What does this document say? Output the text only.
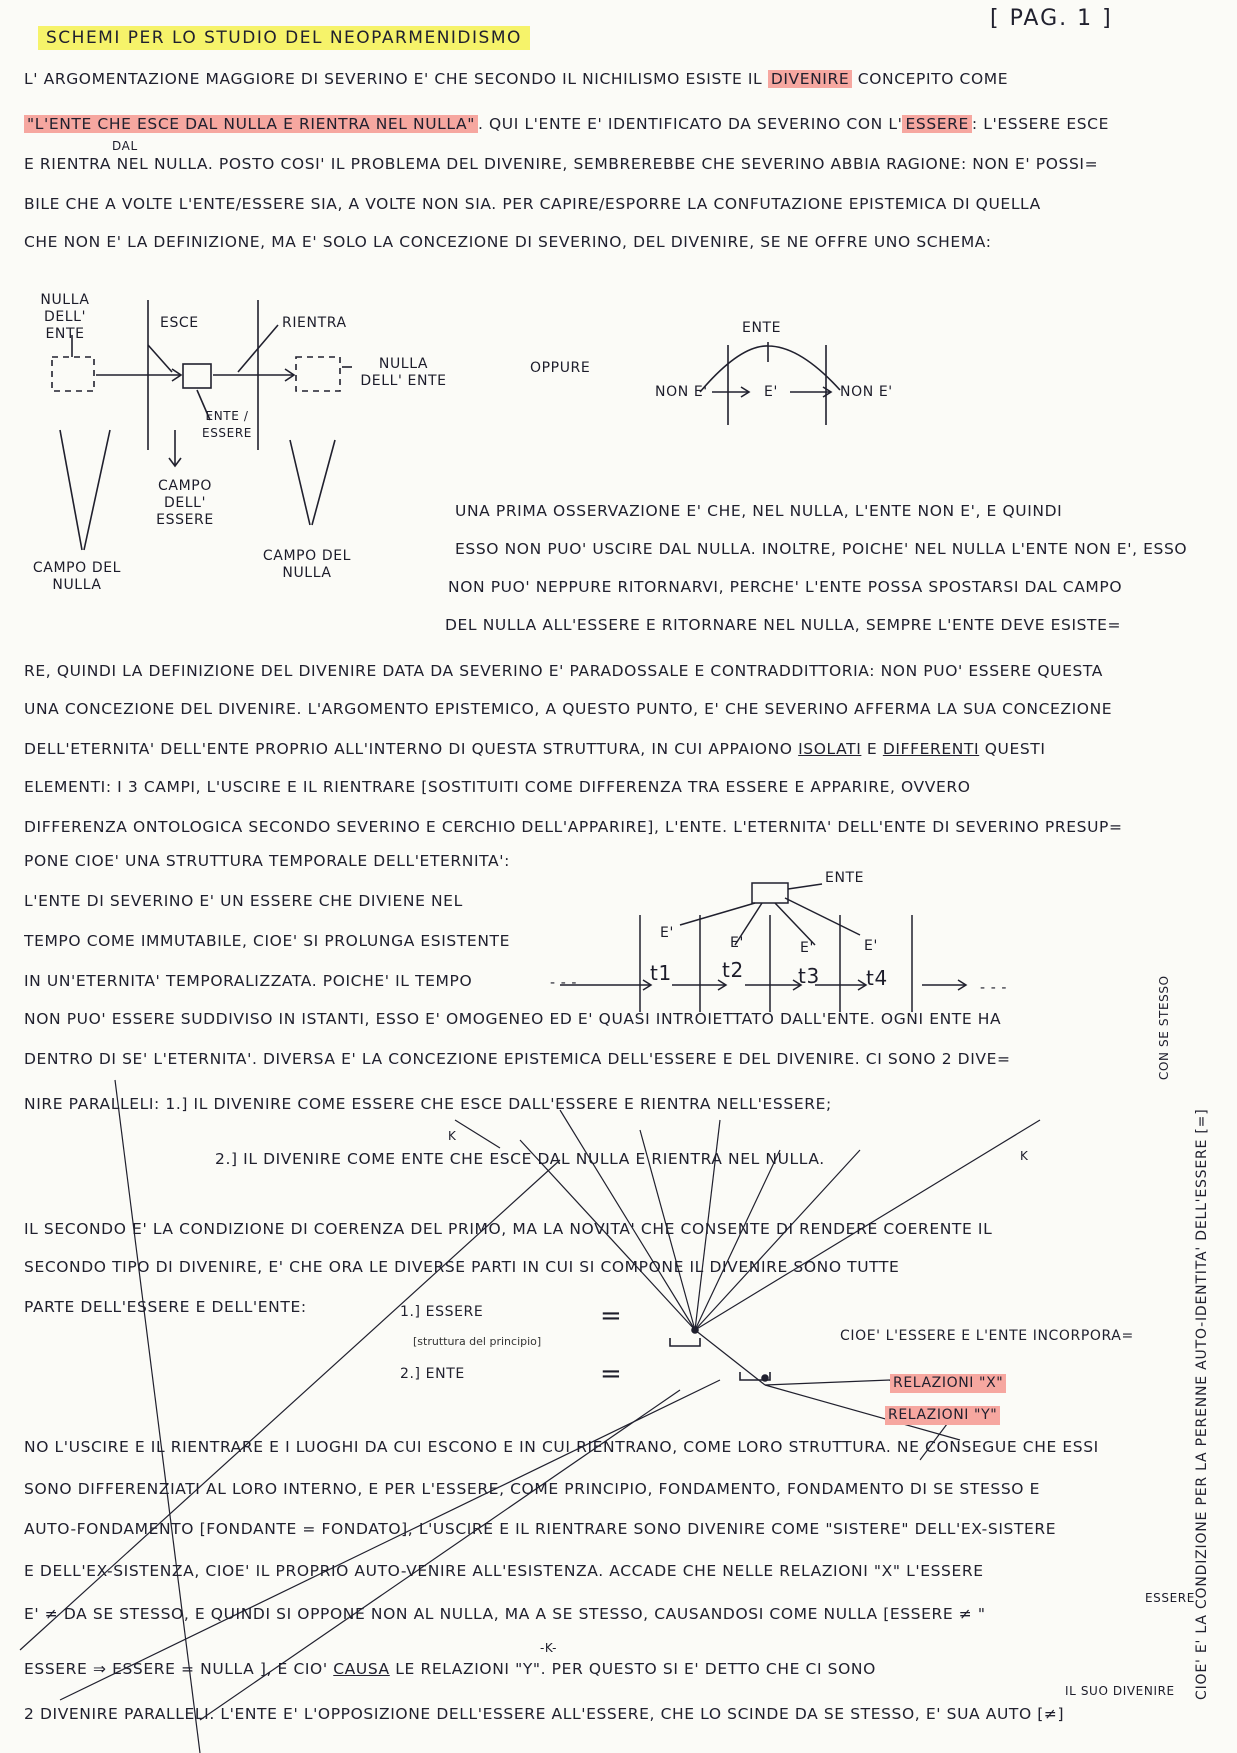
SCHEMI PER LO STUDIO DEL NEOPARMENIDISMO
[ PAG. 1 ]
L' ARGOMENTAZIONE MAGGIORE DI SEVERINO E' CHE SECONDO IL NICHILISMO ESISTE IL DIVENIRE CONCEPITO COME
"L'ENTE CHE ESCE DAL NULLA E RIENTRA NEL NULLA" . QUI L'ENTE E' IDENTIFICATO DA SEVERINO CON L' ESSERE : L'ESSERE ESCE
DAL
E RIENTRA NEL NULLA. POSTO COSI' IL PROBLEMA DEL DIVENIRE, SEMBREREBBE CHE SEVERINO ABBIA RAGIONE: NON E' POSSI=
BILE CHE A VOLTE L'ENTE/ESSERE SIA, A VOLTE NON SIA. PER CAPIRE/ESPORRE LA CONFUTAZIONE EPISTEMICA DI QUELLA
CHE NON E' LA DEFINIZIONE, MA E' SOLO LA CONCEZIONE DI SEVERINO, DEL DIVENIRE, SE NE OFFRE UNO SCHEMA:
NULLA DELL' ENTE
ESCE	RIENTRA
NULLA DELL' ENTE
ENTE / ESSERE
CAMPO DELL' ESSERE
CAMPO DEL NULLA
CAMPO DEL NULLA
OPPURE
ENTE
NON E'	E'	NON E'
UNA PRIMA OSSERVAZIONE E' CHE, NEL NULLA, L'ENTE NON E', E QUINDI
ESSO NON PUO' USCIRE DAL NULLA. INOLTRE, POICHE' NEL NULLA L'ENTE NON E', ESSO
NON PUO' NEPPURE RITORNARVI, PERCHE' L'ENTE POSSA SPOSTARSI DAL CAMPO
DEL NULLA ALL'ESSERE E RITORNARE NEL NULLA, SEMPRE L'ENTE DEVE ESISTE=
RE, QUINDI LA DEFINIZIONE DEL DIVENIRE DATA DA SEVERINO E' PARADOSSALE E CONTRADDITTORIA: NON PUO' ESSERE QUESTA
UNA CONCEZIONE DEL DIVENIRE. L'ARGOMENTO EPISTEMICO, A QUESTO PUNTO, E' CHE SEVERINO AFFERMA LA SUA CONCEZIONE
DELL'ETERNITA' DELL'ENTE PROPRIO ALL'INTERNO DI QUESTA STRUTTURA, IN CUI APPAIONO ISOLATI E DIFFERENTI QUESTI
ELEMENTI: I 3 CAMPI, L'USCIRE E IL RIENTRARE [SOSTITUITI COME DIFFERENZA TRA ESSERE E APPARIRE, OVVERO
DIFFERENZA ONTOLOGICA SECONDO SEVERINO E CERCHIO DELL'APPARIRE], L'ENTE. L'ETERNITA' DELL'ENTE DI SEVERINO PRESUP=
PONE CIOE' UNA STRUTTURA TEMPORALE DELL'ETERNITA':
L'ENTE DI SEVERINO E' UN ESSERE CHE DIVIENE NEL
TEMPO COME IMMUTABILE, CIOE' SI PROLUNGA ESISTENTE
IN UN'ETERNITA' TEMPORALIZZATA. POICHE' IL TEMPO
NON PUO' ESSERE SUDDIVISO IN ISTANTI, ESSO E' OMOGENEO ED E' QUASI INTROIETTATO DALL'ENTE. OGNI ENTE HA
DENTRO DI SE' L'ETERNITA'. DIVERSA E' LA CONCEZIONE EPISTEMICA DELL'ESSERE E DEL DIVENIRE. CI SONO 2 DIVE=
NIRE PARALLELI: 1.] IL DIVENIRE COME ESSERE CHE ESCE DALL'ESSERE E RIENTRA NELL'ESSERE;
2.] IL DIVENIRE COME ENTE CHE ESCE DAL NULLA E RIENTRA NEL NULLA.
K
K
ENTE
E'
E'	E'	E'
t1	t2	t3 t4
- - -	- - -
IL SECONDO E' LA CONDIZIONE DI COERENZA DEL PRIMO, MA LA NOVITA' CHE CONSENTE DI RENDERE COERENTE IL
SECONDO TIPO DI DIVENIRE, E' CHE ORA LE DIVERSE PARTI IN CUI SI COMPONE IL DIVENIRE SONO TUTTE
PARTE DELL'ESSERE E DELL'ENTE:	1.] ESSERE
[struttura del principio]
2.] ENTE
=
=
CIOE' L'ESSERE E L'ENTE INCORPORA=
RELAZIONI "X"
RELAZIONI "Y"
NO L'USCIRE E IL RIENTRARE E I LUOGHI DA CUI ESCONO E IN CUI RIENTRANO, COME LORO STRUTTURA. NE CONSEGUE CHE ESSI
SONO DIFFERENZIATI AL LORO INTERNO, E PER L'ESSERE, COME PRINCIPIO, FONDAMENTO, FONDAMENTO DI SE STESSO E
AUTO-FONDAMENTO [FONDANTE = FONDATO], L'USCIRE E IL RIENTRARE SONO DIVENIRE COME "SISTERE" DELL'EX-SISTERE
E DELL'EX-SISTENZA, CIOE' IL PROPRIO AUTO-VENIRE ALL'ESISTENZA. ACCADE CHE NELLE RELAZIONI "X" L'ESSERE
E' ≠ DA SE STESSO, E QUINDI SI OPPONE NON AL NULLA, MA A SE STESSO, CAUSANDOSI COME NULLA [ESSERE ≠ "
ESSERE
ESSERE ⇒ ESSERE = NULLA ], E CIO' CAUSA LE RELAZIONI "Y". PER QUESTO SI E' DETTO CHE CI SONO
-K-
IL SUO DIVENIRE
2 DIVENIRE PARALLELI. L'ENTE E' L'OPPOSIZIONE DELL'ESSERE ALL'ESSERE, CHE LO SCINDE DA SE STESSO, E' SUA AUTO [≠]
CIOE' E' LA CONDIZIONE PER LA PERENNE AUTO-IDENTITA' DELL'ESSERE [=]
CON SE STESSO
